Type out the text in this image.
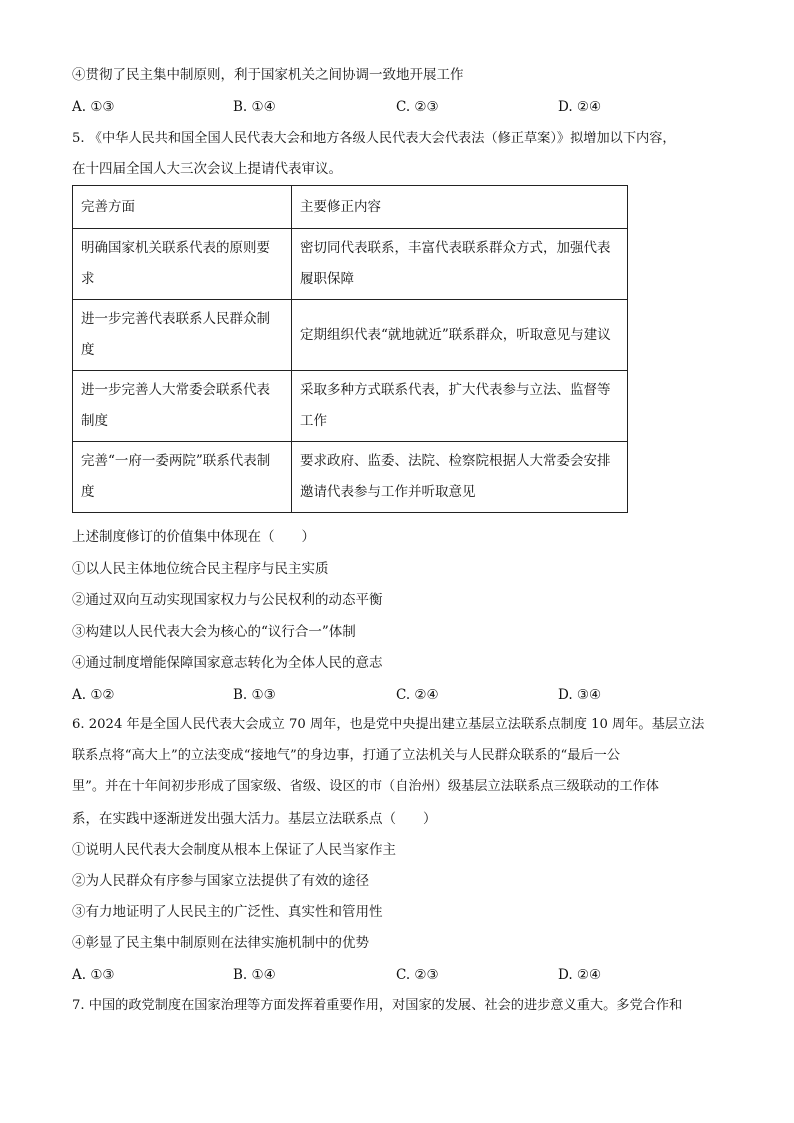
④贯彻了民主集中制原则，利于国家机关之间协调一致地开展工作
A. ①③	B. ①④	C. ②③	D. ②④
5. 《中华人民共和国全国人民代表大会和地方各级人民代表大会代表法（修正草案）》拟增加以下内容，
在十四届全国人大三次会议上提请代表审议。
完善方面	主要修正内容
明确国家机关联系代表的原则要求	密切同代表联系，丰富代表联系群众方式，加强代表履职保障
进一步完善代表联系人民群众制度	定期组织代表“就地就近”联系群众，听取意见与建议
进一步完善人大常委会联系代表制度	采取多种方式联系代表，扩大代表参与立法、监督等工作
完善“一府一委两院”联系代表制度	要求政府、监委、法院、检察院根据人大常委会安排邀请代表参与工作并听取意见
上述制度修订的价值集中体现在（　　）
①以人民主体地位统合民主程序与民主实质
②通过双向互动实现国家权力与公民权利的动态平衡
③构建以人民代表大会为核心的“议行合一”体制
④通过制度增能保障国家意志转化为全体人民的意志
A. ①②	B. ①③	C. ②④	D. ③④
6. 2024 年是全国人民代表大会成立 70 周年，也是党中央提出建立基层立法联系点制度 10 周年。基层立法
联系点将“高大上”的立法变成“接地气”的身边事，打通了立法机关与人民群众联系的“最后一公
里”。并在十年间初步形成了国家级、省级、设区的市（自治州）级基层立法联系点三级联动的工作体
系，在实践中逐渐迸发出强大活力。基层立法联系点（　　）
①说明人民代表大会制度从根本上保证了人民当家作主
②为人民群众有序参与国家立法提供了有效的途径
③有力地证明了人民民主的广泛性、真实性和管用性
④彰显了民主集中制原则在法律实施机制中的优势
A. ①③	B. ①④	C. ②③	D. ②④
7. 中国的政党制度在国家治理等方面发挥着重要作用，对国家的发展、社会的进步意义重大。多党合作和
